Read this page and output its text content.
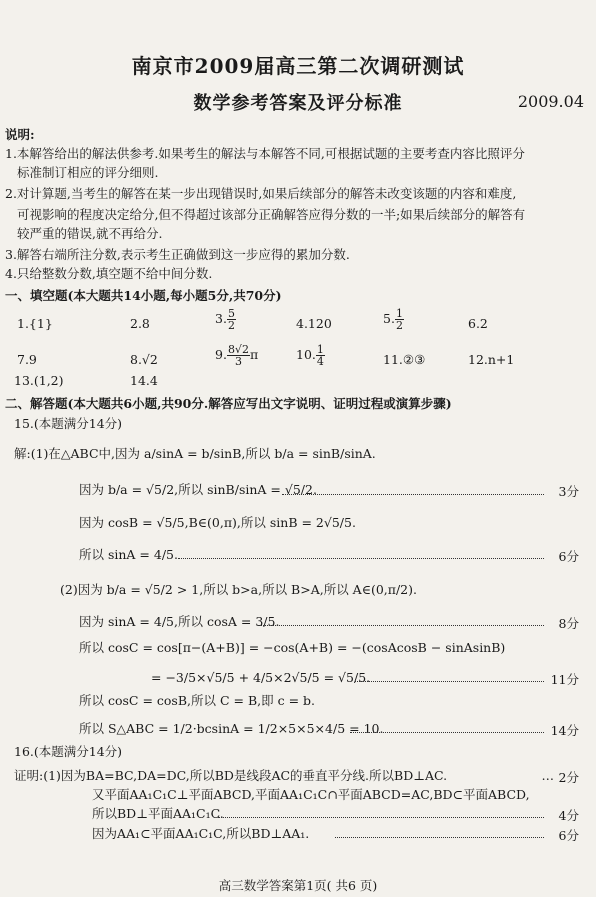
南京市2009届高三第二次调研测试
数学参考答案及评分标准	2009.04
说明:
1.本解答给出的解法供参考.如果考生的解法与本解答不同,可根据试题的主要考查内容比照评分
标准制订相应的评分细则.
2.对计算题,当考生的解答在某一步出现错误时,如果后续部分的解答未改变该题的内容和难度,
可视影响的程度决定给分,但不得超过该部分正确解答应得分数的一半;如果后续部分的解答有
较严重的错误,就不再给分.
3.解答右端所注分数,表示考生正确做到这一步应得的累加分数.
4.只给整数分数,填空题不给中间分数.
一、填空题(本大题共14小题,每小题5分,共70分)
1.{1}	2.8	3. $\frac{5}{2}$	4.120	5. $\frac{1}{2}$	6.2
7.9	8.√2	9. $\frac{8√2}{3}$ π	10. $\frac{1}{4}$	11.②③	12.n+1
13.(1,2)	14.4
二、解答题(本大题共6小题,共90分.解答应写出文字说明、证明过程或演算步骤)
15.(本题满分14分)
解:(1)在△ABC中,因为 a/sinA = b/sinB,所以 b/a = sinB/sinA.
因为 b/a = √5/2,所以 sinB/sinA = √5/2.	3分
因为 cosB = √5/5,B∈(0,π),所以 sinB = 2√5/5.
所以 sinA = 4/5.	6分
(2)因为 b/a = √5/2 > 1,所以 b>a,所以 B>A,所以 A∈(0,π/2).
因为 sinA = 4/5,所以 cosA = 3/5.	8分
所以 cosC = cos[π−(A+B)] = −cos(A+B) = −(cosAcosB − sinAsinB)
= −3/5×√5/5 + 4/5×2√5/5 = √5/5.	11分
所以 cosC = cosB,所以 C = B,即 c = b.
所以 S△ABC = 1/2·bcsinA = 1/2×5×5×4/5 = 10.	14分
16.(本题满分14分)
证明:(1)因为BA=BC,DA=DC,所以BD是线段AC的垂直平分线.所以BD⊥AC.	… 2分
又平面AA₁C₁C⊥平面ABCD,平面AA₁C₁C∩平面ABCD=AC,BD⊂平面ABCD,
所以BD⊥平面AA₁C₁C.	4分
因为AA₁⊂平面AA₁C₁C,所以BD⊥AA₁.	6分
高三数学答案第1页( 共6 页)
